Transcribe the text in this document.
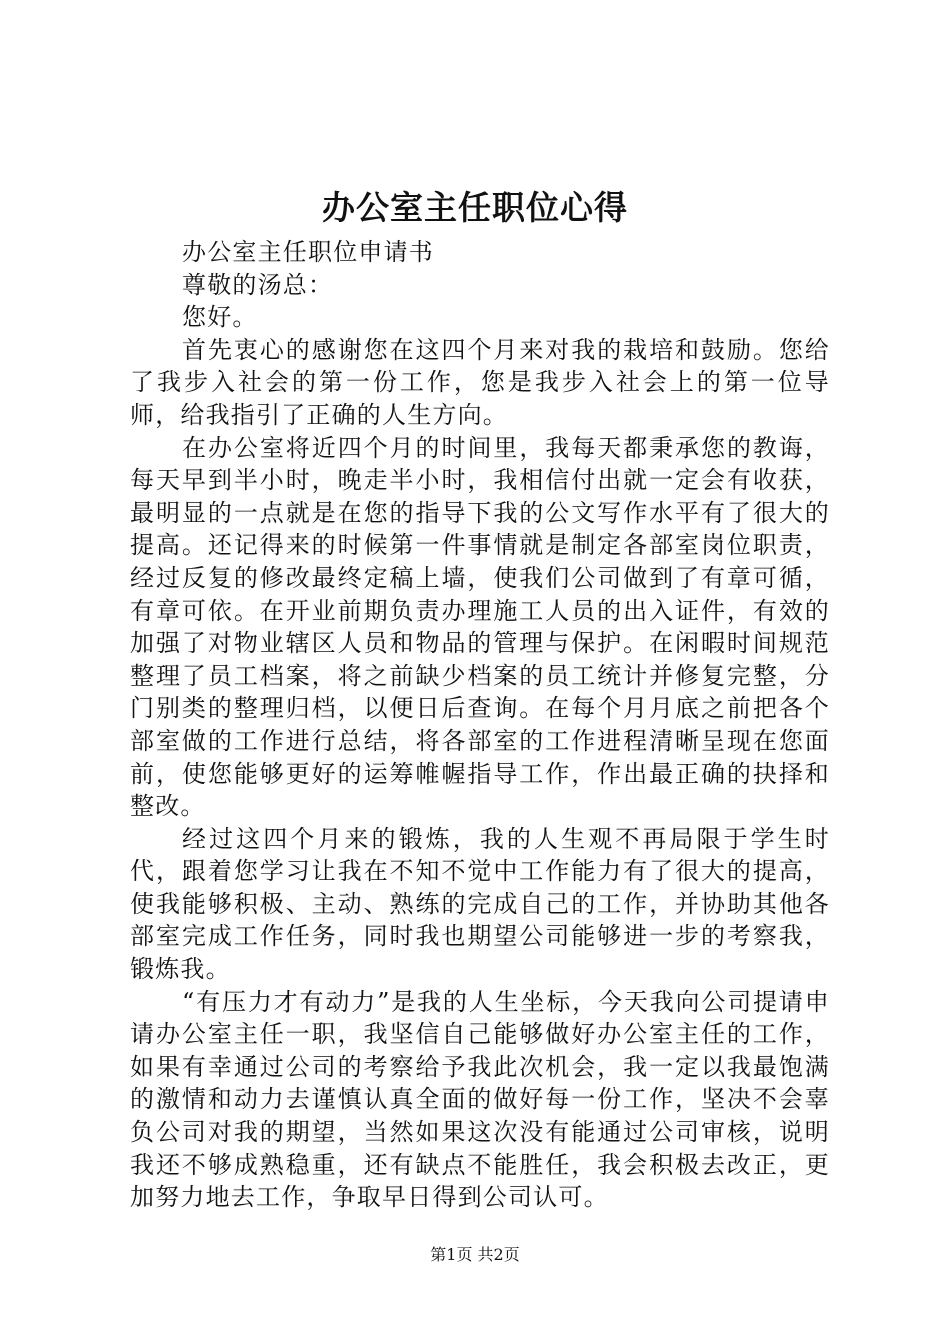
办公室主任职位心得

办公室主任职位申请书

尊敬的汤总：

您好。

首先衷心的感谢您在这四个月来对我的栽培和鼓励。您给了我步入社会的第一份工作，您是我步入社会上的第一位导师，给我指引了正确的人生方向。

在办公室将近四个月的时间里，我每天都秉承您的教诲，每天早到半小时，晚走半小时，我相信付出就一定会有收获，最明显的一点就是在您的指导下我的公文写作水平有了很大的提高。还记得来的时候第一件事情就是制定各部室岗位职责，经过反复的修改最终定稿上墙，使我们公司做到了有章可循，有章可依。在开业前期负责办理施工人员的出入证件，有效的加强了对物业辖区人员和物品的管理与保护。在闲暇时间规范整理了员工档案，将之前缺少档案的员工统计并修复完整，分门别类的整理归档，以便日后查询。在每个月月底之前把各个部室做的工作进行总结，将各部室的工作进程清晰呈现在您面前，使您能够更好的运筹帷幄指导工作，作出最正确的抉择和整改。

经过这四个月来的锻炼，我的人生观不再局限于学生时代，跟着您学习让我在不知不觉中工作能力有了很大的提高，使我能够积极、主动、熟练的完成自己的工作，并协助其他各部室完成工作任务，同时我也期望公司能够进一步的考察我，锻炼我。

“有压力才有动力”是我的人生坐标，今天我向公司提请申请办公室主任一职，我坚信自己能够做好办公室主任的工作，如果有幸通过公司的考察给予我此次机会，我一定以我最饱满的激情和动力去谨慎认真全面的做好每一份工作，坚决不会辜负公司对我的期望，当然如果这次没有能通过公司审核，说明我还不够成熟稳重，还有缺点不能胜任，我会积极去改正，更加努力地去工作，争取早日得到公司认可。

第1页 共2页
